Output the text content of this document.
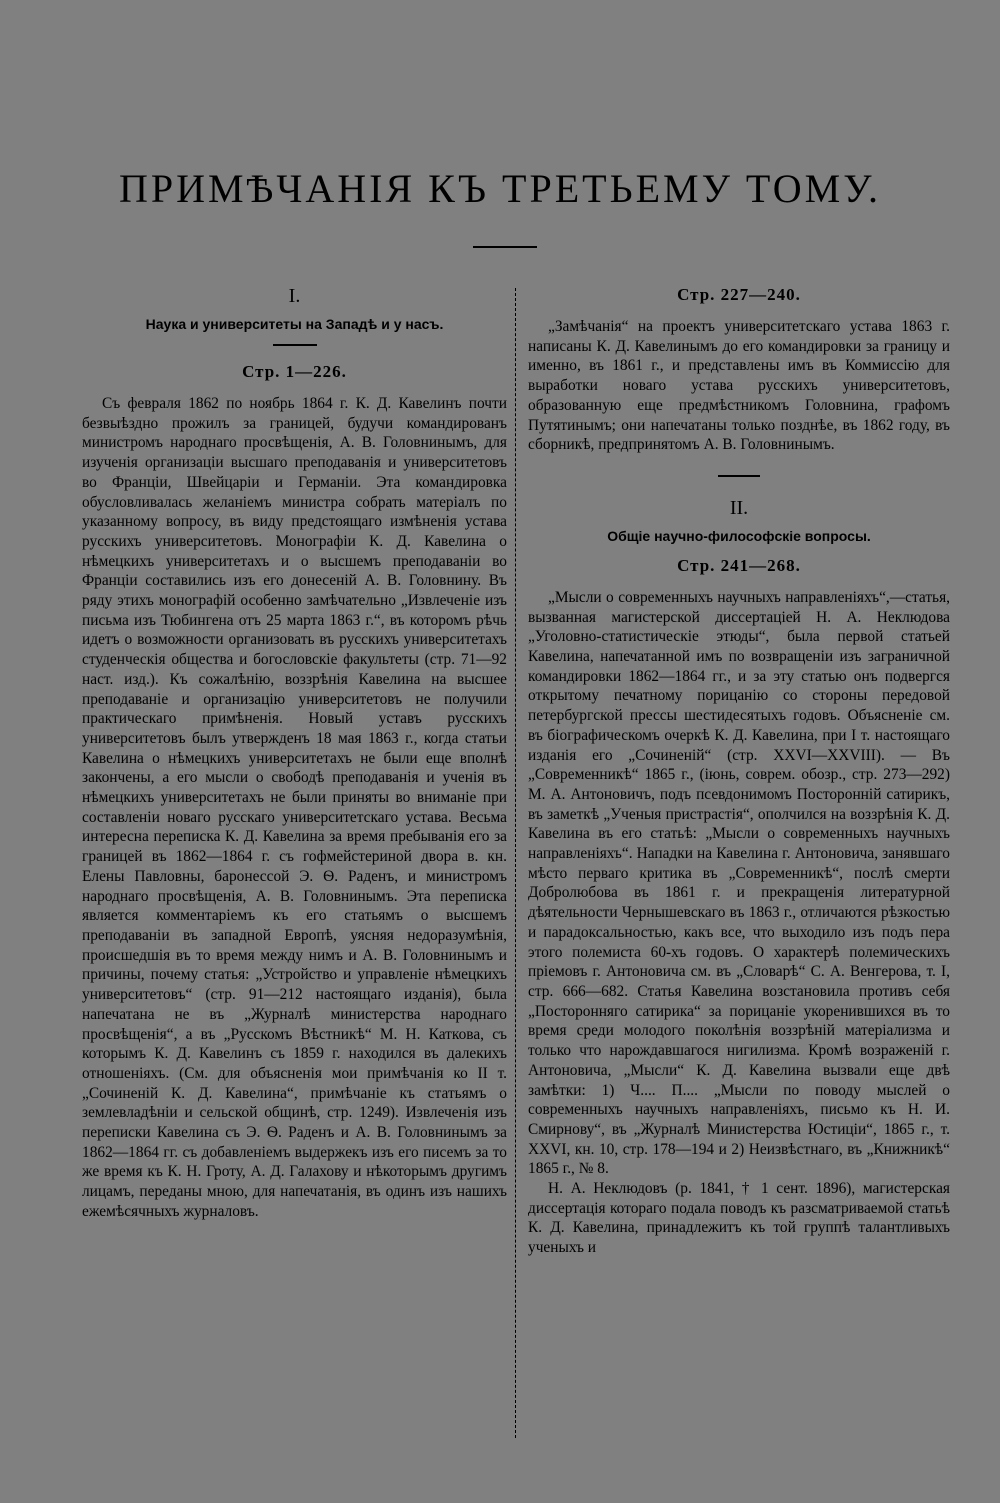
ПРИМѢЧАНІЯ КЪ ТРЕТЬЕМУ ТОМУ.
I.
Наука и университеты на Западѣ и у насъ.
Стр. 1—226.

Съ февраля 1862 по ноябрь 1864 г. К. Д. Кавелинъ почти безвыѣздно прожилъ за границей, будучи командированъ министромъ народнаго просвѣщенія, А. В. Головнинымъ, для изученія организаціи высшаго преподаванія и университетовъ во Франціи, Швейцаріи и Германіи. Эта командировка обусловливалась желаніемъ министра собрать матеріалъ по указанному вопросу, въ виду предстоящаго измѣненія устава русскихъ университетовъ. Монографіи К. Д. Кавелина о нѣмецкихъ университетахъ и о высшемъ преподаваніи во Франціи составились изъ его донесеній А. В. Головнину. Въ ряду этихъ монографій особенно замѣчательно „Извлеченіе изъ письма изъ Тюбингена отъ 25 марта 1863 г.“, въ которомъ рѣчь идетъ о возможности организовать въ русскихъ университетахъ студенческія общества и богословскіе факультеты (стр. 71—92 наст. изд.). Къ сожалѣнію, воззрѣнія Кавелина на высшее преподаваніе и организацію университетовъ не получили практическаго примѣненія. Новый уставъ русскихъ университетовъ былъ утвержденъ 18 мая 1863 г., когда статьи Кавелина о нѣмецкихъ университетахъ не были еще вполнѣ закончены, а его мысли о свободѣ преподаванія и ученія въ нѣмецкихъ университетахъ не были приняты во вниманіе при составленіи новаго русскаго университетскаго устава. Весьма интересна переписка К. Д. Кавелина за время пребыванія его за границей въ 1862—1864 г. съ гофмейстериной двора в. кн. Елены Павловны, баронессой Э. Ѳ. Раденъ, и министромъ народнаго просвѣщенія, А. В. Головнинымъ. Эта переписка является комментаріемъ къ его статьямъ о высшемъ преподаваніи въ западной Европѣ, уясняя недоразумѣнія, происшедшія въ то время между нимъ и А. В. Головнинымъ и причины, почему статья: „Устройство и управленіе нѣмецкихъ университетовъ“ (стр. 91—212 настоящаго изданія), была напечатана не въ „Журналѣ министерства народнаго просвѣщенія“, а въ „Русскомъ Вѣстникѣ“ М. Н. Каткова, съ которымъ К. Д. Кавелинъ съ 1859 г. находился въ далекихъ отношеніяхъ. (См. для объясненія мои примѣчанія ко II т. „Сочиненій К. Д. Кавелина“, примѣчаніе къ статьямъ о землевладѣніи и сельской общинѣ, стр. 1249). Извлеченія изъ переписки Кавелина съ Э. Ѳ. Раденъ и А. В. Головнинымъ за 1862—1864 гг. съ добавленіемъ выдержекъ изъ его писемъ за то же время къ К. Н. Гроту, А. Д. Галахову и нѣкоторымъ другимъ лицамъ, переданы мною, для напечатанія, въ одинъ изъ нашихъ ежемѣсячныхъ журналовъ.

Стр. 227—240.

„Замѣчанія“ на проектъ университетскаго устава 1863 г. написаны К. Д. Кавелинымъ до его командировки за границу и именно, въ 1861 г., и представлены имъ въ Коммиссію для выработки новаго устава русскихъ университетовъ, образованную еще предмѣстникомъ Головнина, графомъ Путятинымъ; они напечатаны только позднѣе, въ 1862 году, въ сборникѣ, предпринятомъ А. В. Головнинымъ.

II.
Общіе научно-философскіе вопросы.
Стр. 241—268.

„Мысли о современныхъ научныхъ направленіяхъ“,—статья, вызванная магистерской диссертаціей Н. А. Неклюдова „Уголовно-статистическіе этюды“, была первой статьей Кавелина, напечатанной имъ по возвращеніи изъ заграничной командировки 1862—1864 гг., и за эту статью онъ подвергся открытому печатному порицанію со стороны передовой петербургской прессы шестидесятыхъ годовъ. Объясненіе см. въ біографическомъ очеркѣ К. Д. Кавелина, при I т. настоящаго изданія его „Сочиненій“ (стр. XXVI—XXVIII). — Въ „Современникѣ“ 1865 г., (іюнь, соврем. обозр., стр. 273—292) М. А. Антоновичъ, подъ псевдонимомъ Посторонній сатирикъ, въ заметкѣ „Ученыя пристрастія“, ополчился на воззрѣнія К. Д. Кавелина въ его статьѣ: „Мысли о современныхъ научныхъ направленіяхъ“. Нападки на Кавелина г. Антоновича, занявшаго мѣсто перваго критика въ „Современникѣ“, послѣ смерти Добролюбова въ 1861 г. и прекращенія литературной дѣятельности Чернышевскаго въ 1863 г., отличаются рѣзкостью и парадоксальностью, какъ все, что выходило изъ подъ пера этого полемиста 60-хъ годовъ. О характерѣ полемическихъ пріемовъ г. Антоновича см. въ „Словарѣ“ С. А. Венгерова, т. I, стр. 666—682. Статья Кавелина возстановила противъ себя „Посторонняго сатирика“ за порицаніе укоренившихся въ то время среди молодого поколѣнія воззрѣній матеріализма и только что нарождавшагося нигилизма. Кромѣ возраженій г. Антоновича, „Мысли“ К. Д. Кавелина вызвали еще двѣ замѣтки: 1) Ч.... П.... „Мысли по поводу мыслей о современныхъ научныхъ направленіяхъ, письмо къ Н. И. Смирнову“, въ „Журналѣ Министерства Юстиціи“, 1865 г., т. XXVI, кн. 10, стр. 178—194 и 2) Неизвѣстнаго, въ „Книжникѣ“ 1865 г., № 8.

Н. А. Неклюдовъ (р. 1841, † 1 сент. 1896), магистерская диссертація котораго подала поводъ къ разсматриваемой статьѣ К. Д. Кавелина, принадлежитъ къ той группѣ талантливыхъ ученыхъ и
